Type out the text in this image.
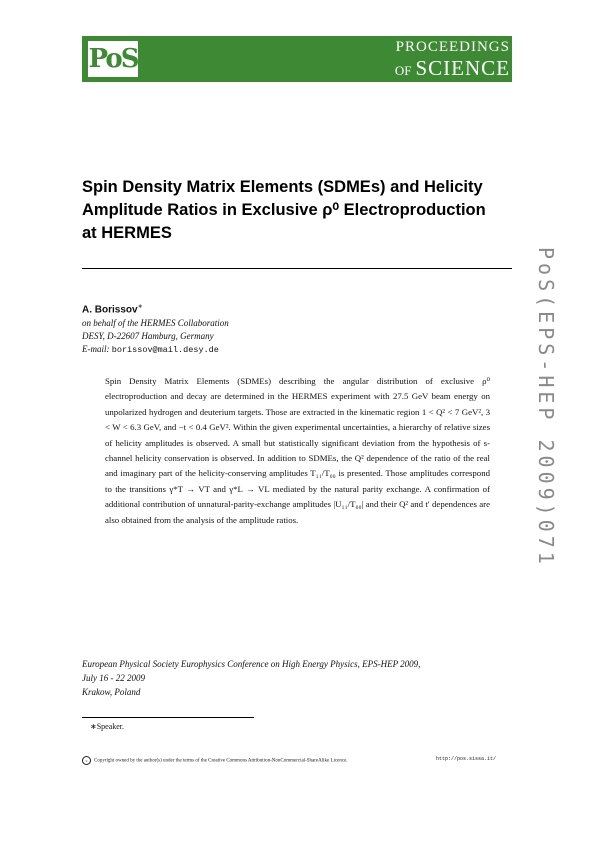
PoS	PROCEEDINGS
OF SCIENCE
Spin Density Matrix Elements (SDMEs) and Helicity
Amplitude Ratios in Exclusive ρ⁰ Electroproduction
at HERMES
A. Borissov∗
on behalf of the HERMES Collaboration
DESY, D-22607 Hamburg, Germany
E-mail: borissov@mail.desy.de
Spin Density Matrix Elements (SDMEs) describing the angular distribution of exclusive ρ⁰ electroproduction and decay are determined in the HERMES experiment with 27.5 GeV beam energy on unpolarized hydrogen and deuterium targets. Those are extracted in the kinematic region 1 < Q² < 7 GeV², 3 < W < 6.3 GeV, and −t < 0.4 GeV². Within the given experimental uncertainties, a hierarchy of relative sizes of helicity amplitudes is observed. A small but statistically significant deviation from the hypothesis of s-channel helicity conservation is observed. In addition to SDMEs, the Q² dependence of the ratio of the real and imaginary part of the helicity-conserving amplitudes T₁₁/T₀₀ is presented. Those amplitudes correspond to the transitions γ*T → VT and γ*L → VL mediated by the natural parity exchange. A confirmation of additional contribution of unnatural-parity-exchange amplitudes |U₁₁/T₀₀| and their Q² and t′ dependences are also obtained from the analysis of the amplitude ratios.
European Physical Society Europhysics Conference on High Energy Physics, EPS-HEP 2009,
July 16 - 22 2009
Krakow, Poland
∗Speaker.
c Copyright owned by the author(s) under the terms of the Creative Commons Attribution-NonCommercial-ShareAlike Licence.	http://pos.sissa.it/
PoS(EPS-HEP 2009)071
